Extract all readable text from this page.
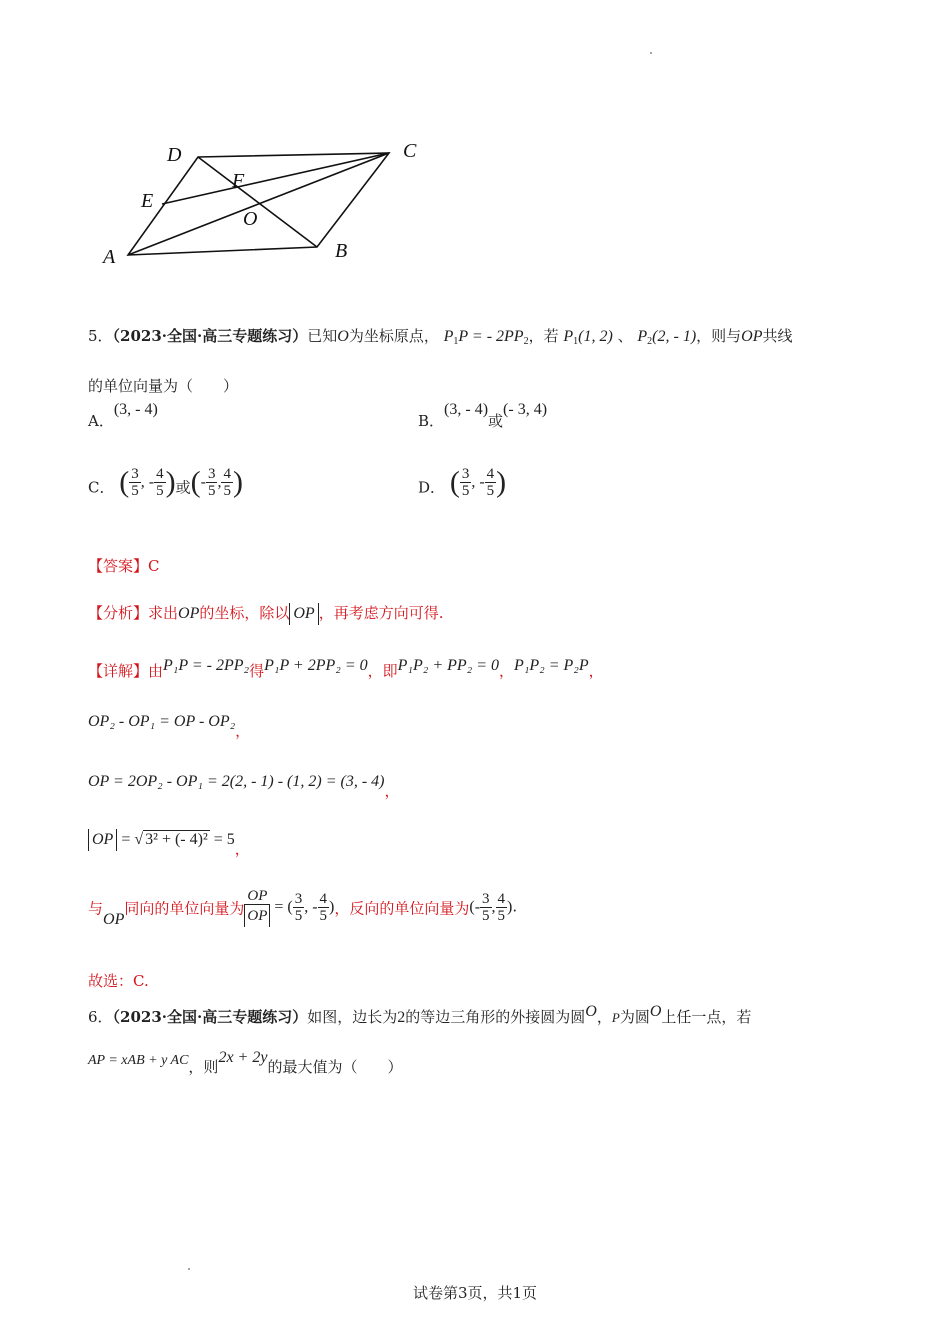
A	B
C
D
E
F
O
5．（2023·全国·高三专题练习）已知O为坐标原点， $P_1P$ = - $2PP_2$，若 $P_1(1$, 2) 、 $P_2(2$, - 1)，则与OP共线
的单位向量为（　　）
A．(3, - 4)
B．(3, - 4)或(- 3, 4)
C． ( $\frac{3}{5}$ , - $\frac{4}{5}$ )或(- $\frac{3}{5}$ , $\frac{4}{5}$ )	D． ( $\frac{3}{5}$ , - $\frac{4}{5}$ )
【答案】C
【分析】求出OP的坐标，除以 OP ，再考虑方向可得.
【详解】由P₁P = - 2PP₂得P₁P + 2PP₂ = 0，即P₁P₂ + PP₂ = 0，P₁P₂ = P₂P，
OP₂ - OP₁ = OP - OP₂，
OP = 2OP₂ - OP₁ = 2(2, - 1) - (1, 2) = (3, - 4)，
OP = √ 3² + (- 4)² = 5，
与OP同向的单位向量为 $\frac{OP}{OP}$ = ( $\frac{3}{5}$ , - $\frac{4}{5}$ )，反向的单位向量为(- $\frac{3}{5}$ , $\frac{4}{5}$ ).
故选：C.
6．（2023·全国·高三专题练习）如图，边长为2的等边三角形的外接圆为圆O，P为圆O上任一点，若
AP = xAB + y AC，则2x + 2y的最大值为（　　）
试卷第3页，共1页
